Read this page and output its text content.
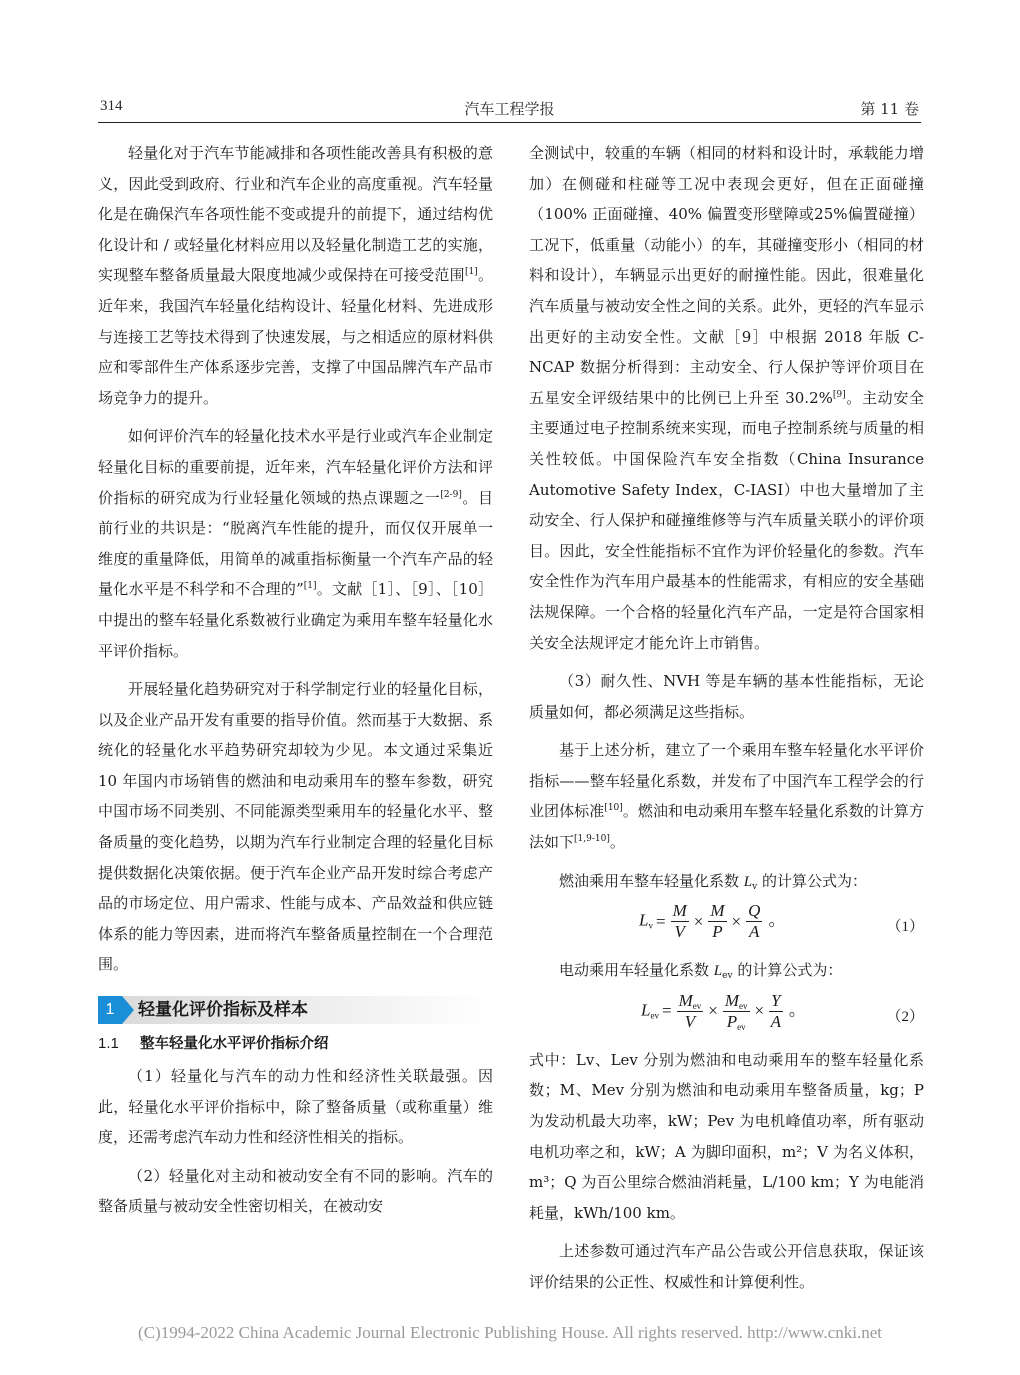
314	汽车工程学报	第 11 卷

轻量化对于汽车节能减排和各项性能改善具有积极的意义，因此受到政府、行业和汽车企业的高度重视。汽车轻量化是在确保汽车各项性能不变或提升的前提下，通过结构优化设计和 / 或轻量化材料应用以及轻量化制造工艺的实施，实现整车整备质量最大限度地减少或保持在可接受范围[1]。近年来，我国汽车轻量化结构设计、轻量化材料、先进成形与连接工艺等技术得到了快速发展，与之相适应的原材料供应和零部件生产体系逐步完善，支撑了中国品牌汽车产品市场竞争力的提升。

如何评价汽车的轻量化技术水平是行业或汽车企业制定轻量化目标的重要前提，近年来，汽车轻量化评价方法和评价指标的研究成为行业轻量化领域的热点课题之一[2-9]。目前行业的共识是：“脱离汽车性能的提升，而仅仅开展单一维度的重量降低，用简单的减重指标衡量一个汽车产品的轻量化水平是不科学和不合理的”[1]。文献［1］、［9］、［10］中提出的整车轻量化系数被行业确定为乘用车整车轻量化水平评价指标。

开展轻量化趋势研究对于科学制定行业的轻量化目标，以及企业产品开发有重要的指导价值。然而基于大数据、系统化的轻量化水平趋势研究却较为少见。本文通过采集近 10 年国内市场销售的燃油和电动乘用车的整车参数，研究中国市场不同类别、不同能源类型乘用车的轻量化水平、整备质量的变化趋势，以期为汽车行业制定合理的轻量化目标提供数据化决策依据。便于汽车企业产品开发时综合考虑产品的市场定位、用户需求、性能与成本、产品效益和供应链体系的能力等因素，进而将汽车整备质量控制在一个合理范围。

1	轻量化评价指标及样本
1.1 整车轻量化水平评价指标介绍

（1）轻量化与汽车的动力性和经济性关联最强。因此，轻量化水平评价指标中，除了整备质量（或称重量）维度，还需考虑汽车动力性和经济性相关的指标。

（2）轻量化对主动和被动安全有不同的影响。汽车的整备质量与被动安全性密切相关，在被动安

全测试中，较重的车辆（相同的材料和设计时，承载能力增加）在侧碰和柱碰等工况中表现会更好，但在正面碰撞（100% 正面碰撞、40% 偏置变形壁障或25%偏置碰撞）工况下，低重量（动能小）的车，其碰撞变形小（相同的材料和设计），车辆显示出更好的耐撞性能。因此，很难量化汽车质量与被动安全性之间的关系。此外，更轻的汽车显示出更好的主动安全性。文献［9］中根据 2018 年版 C-NCAP 数据分析得到：主动安全、行人保护等评价项目在五星安全评级结果中的比例已上升至 30.2%[9]。主动安全主要通过电子控制系统来实现，而电子控制系统与质量的相关性较低。中国保险汽车安全指数（China Insurance Automotive Safety Index，C-IASI）中也大量增加了主动安全、行人保护和碰撞维修等与汽车质量关联小的评价项目。因此，安全性能指标不宜作为评价轻量化的参数。汽车安全性作为汽车用户最基本的性能需求，有相应的安全基础法规保障。一个合格的轻量化汽车产品，一定是符合国家相关安全法规评定才能允许上市销售。

（3）耐久性、NVH 等是车辆的基本性能指标，无论质量如何，都必须满足这些指标。

基于上述分析，建立了一个乘用车整车轻量化水平评价指标——整车轻量化系数，并发布了中国汽车工程学会的行业团体标准[10]。燃油和电动乘用车整车轻量化系数的计算方法如下[1,9-10]。

燃油乘用车整车轻量化系数 $L_v$ 的计算公式为：

$L_v = \frac{M}{V} \times \frac{M}{P} \times \frac{Q}{A}$ 。	（1）

电动乘用车轻量化系数 $L_{ev}$ 的计算公式为：

$L_{ev} = \frac{M_{ev}}{V} \times \frac{M_{ev}}{P_{ev}} \times \frac{Y}{A}$ 。	（2）

式中：Lv、Lev 分别为燃油和电动乘用车的整车轻量化系数；M、Mev 分别为燃油和电动乘用车整备质量，kg；P 为发动机最大功率，kW；Pev 为电机峰值功率，所有驱动电机功率之和，kW；A 为脚印面积，m²；V 为名义体积，m³；Q 为百公里综合燃油消耗量，L/100 km；Y 为电能消耗量，kWh/100 km。

上述参数可通过汽车产品公告或公开信息获取，保证该评价结果的公正性、权威性和计算便利性。

(C)1994-2022 China Academic Journal Electronic Publishing House. All rights reserved. http://www.cnki.net
